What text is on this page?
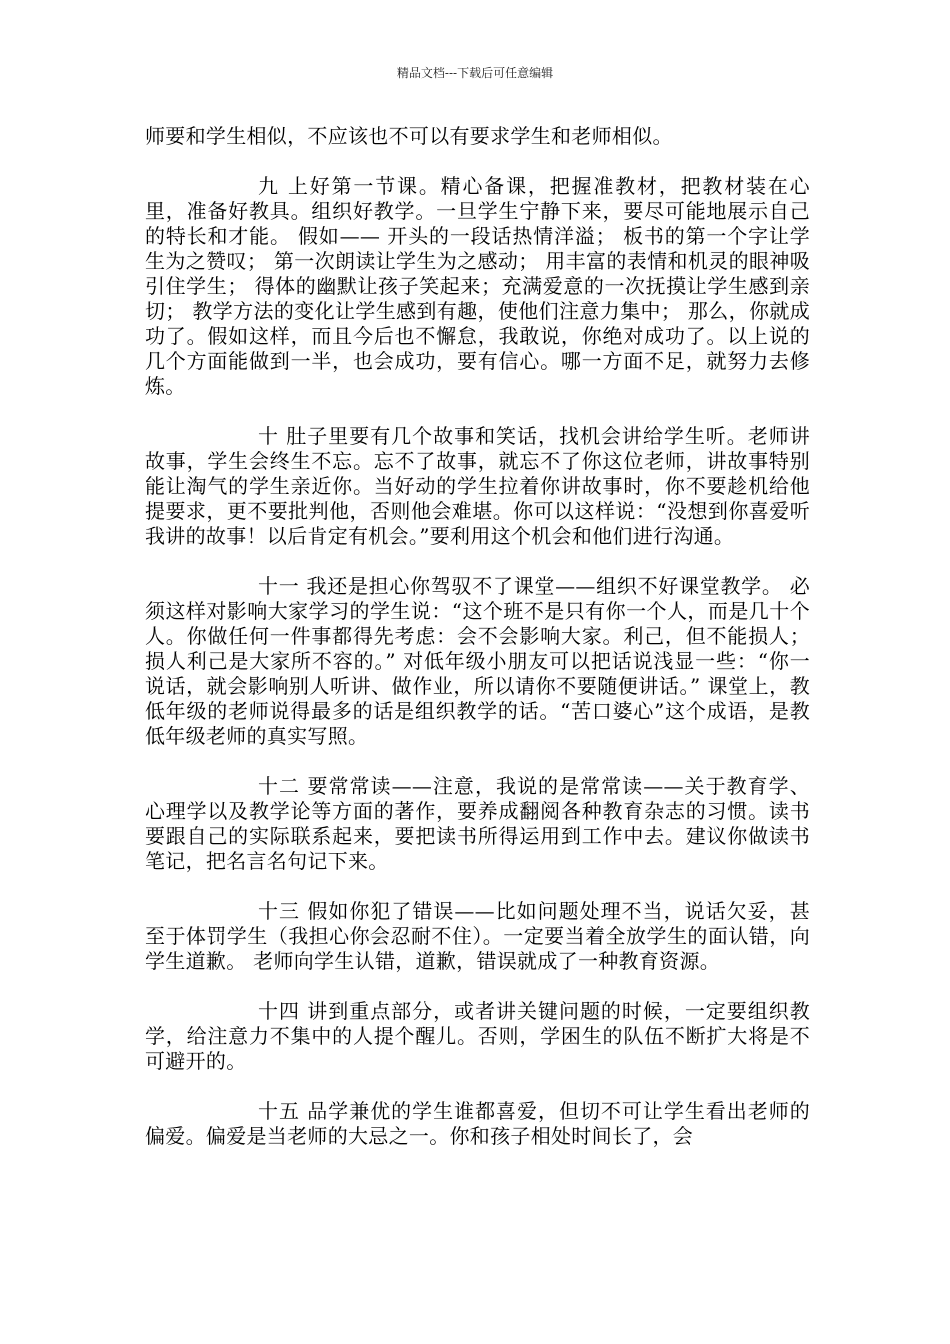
精品文档---下载后可任意编辑

师要和学生相似，不应该也不可以有要求学生和老师相似。

九 上好第一节课。精心备课，把握准教材，把教材装在心里，准备好教具。组织好教学。一旦学生宁静下来，要尽可能地展示自己的特长和才能。 假如—— 开头的一段话热情洋溢； 板书的第一个字让学生为之赞叹； 第一次朗读让学生为之感动； 用丰富的表情和机灵的眼神吸引住学生； 得体的幽默让孩子笑起来；充满爱意的一次抚摸让学生感到亲切； 教学方法的变化让学生感到有趣，使他们注意力集中； 那么，你就成功了。假如这样，而且今后也不懈怠，我敢说，你绝对成功了。以上说的几个方面能做到一半，也会成功，要有信心。哪一方面不足，就努力去修炼。

十 肚子里要有几个故事和笑话，找机会讲给学生听。老师讲故事，学生会终生不忘。忘不了故事，就忘不了你这位老师，讲故事特别能让淘气的学生亲近你。当好动的学生拉着你讲故事时，你不要趁机给他提要求，更不要批判他，否则他会难堪。你可以这样说：“没想到你喜爱听我讲的故事！以后肯定有机会。”要利用这个机会和他们进行沟通。

十一 我还是担心你驾驭不了课堂——组织不好课堂教学。 必须这样对影响大家学习的学生说：“这个班不是只有你一个人，而是几十个人。你做任何一件事都得先考虑：会不会影响大家。利己，但不能损人；损人利己是大家所不容的。” 对低年级小朋友可以把话说浅显一些：“你一说话，就会影响别人听讲、做作业，所以请你不要随便讲话。” 课堂上，教低年级的老师说得最多的话是组织教学的话。“苦口婆心”这个成语，是教低年级老师的真实写照。

十二 要常常读——注意，我说的是常常读——关于教育学、心理学以及教学论等方面的著作，要养成翻阅各种教育杂志的习惯。读书要跟自己的实际联系起来，要把读书所得运用到工作中去。建议你做读书笔记，把名言名句记下来。

十三 假如你犯了错误——比如问题处理不当，说话欠妥，甚至于体罚学生（我担心你会忍耐不住）。一定要当着全放学生的面认错，向学生道歉。 老师向学生认错，道歉，错误就成了一种教育资源。

十四 讲到重点部分，或者讲关键问题的时候，一定要组织教学，给注意力不集中的人提个醒儿。否则，学困生的队伍不断扩大将是不可避开的。

十五 品学兼优的学生谁都喜爱，但切不可让学生看出老师的偏爱。偏爱是当老师的大忌之一。你和孩子相处时间长了，会
